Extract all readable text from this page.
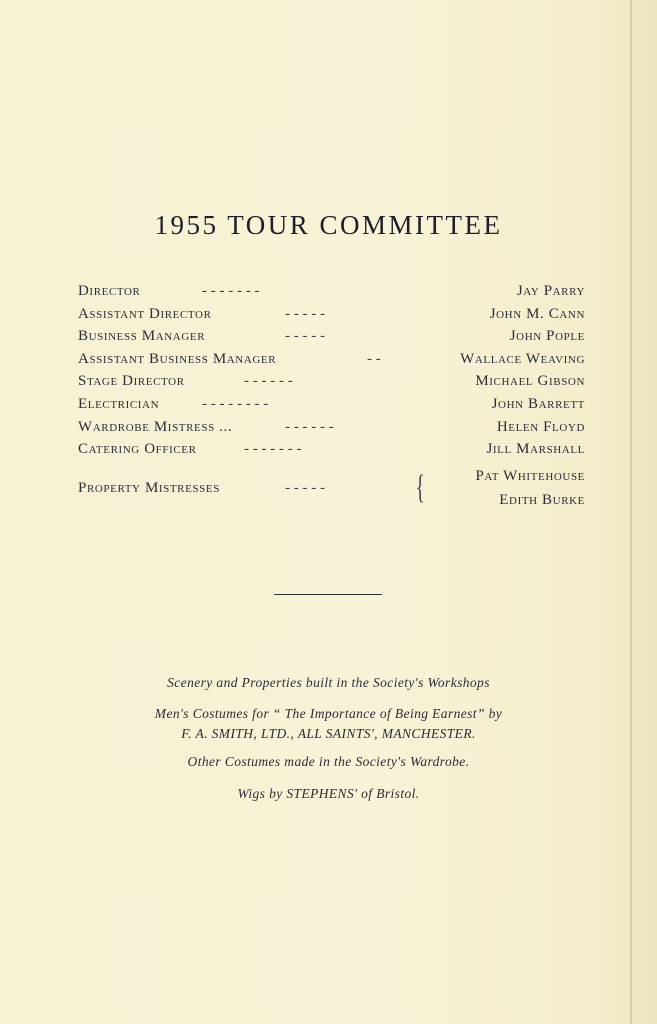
1955 TOUR COMMITTEE
Director	- - - - - - -	Jay Parry
Assistant Director	- - - - -	John M. Cann
Business Manager	- - - - -	John Pople
Assistant Business Manager	- -	Wallace Weaving
Stage Director	- - - - - -	Michael Gibson
Electrician	- - - - - - - -	John Barrett
Wardrobe Mistress ...	- - - - - -	Helen Floyd
Catering Officer	- - - - - - -	Jill Marshall
Property Mistresses	- - - - -	{	Pat Whitehouse
Edith Burke
Scenery and Properties built in the Society's Workshops
Men's Costumes for “ The Importance of Being Earnest” by
F. A. SMITH, LTD., ALL SAINTS', MANCHESTER.
Other Costumes made in the Society's Wardrobe.
Wigs by STEPHENS' of Bristol.
